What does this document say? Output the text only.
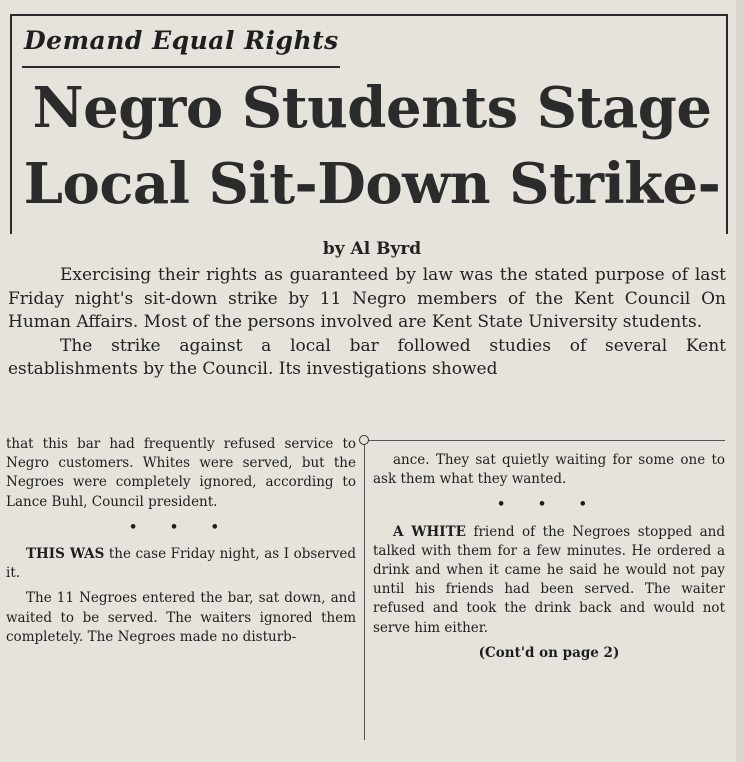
Demand Equal Rights
Negro Students Stage Local Sit-Down Strike-
by Al Byrd

Exercising their rights as guaranteed by law was the stated purpose of last Friday night's sit-down strike by 11 Negro members of the Kent Council On Human Affairs. Most of the persons involved are Kent State University students.

The strike against a local bar followed studies of several Kent establishments by the Council. Its investigations showed

that this bar had frequently refused service to Negro customers. Whites were served, but the Negroes were completely ignored, according to Lance Buhl, Council president.

• • •

THIS WAS the case Friday night, as I observed it.

The 11 Negroes entered the bar, sat down, and waited to be served. The waiters ignored them completely. The Negroes made no disturb-

ance. They sat quietly waiting for some one to ask them what they wanted.

• • •

A WHITE friend of the Negroes stopped and talked with them for a few minutes. He ordered a drink and when it came he said he would not pay until his friends had been served. The waiter refused and took the drink back and would not serve him either.

(Cont'd on page 2)
